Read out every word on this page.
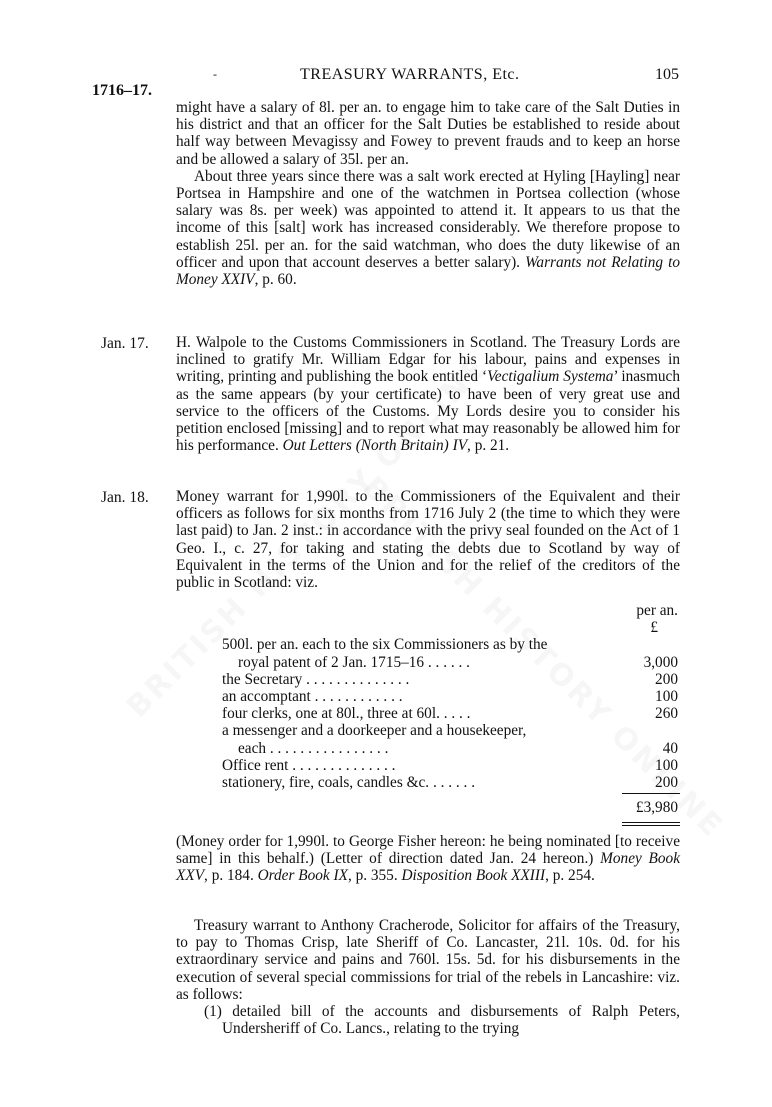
1716–17.
‑	TREASURY WARRANTS, Etc.	105

might have a salary of 8l. per an. to engage him to take care of the Salt Duties in his district and that an officer for the Salt Duties be established to reside about half way between Mevagissy and Fowey to prevent frauds and to keep an horse and be allowed a salary of 35l. per an.

About three years since there was a salt work erected at Hyling [Hayling] near Portsea in Hampshire and one of the watchmen in Portsea collection (whose salary was 8s. per week) was appointed to attend it. It appears to us that the income of this [salt] work has increased considerably. We therefore propose to establish 25l. per an. for the said watchman, who does the duty likewise of an officer and upon that account deserves a better salary). Warrants not Relating to Money XXIV, p. 60.

Jan. 17. H. Walpole to the Customs Commissioners in Scotland. The Treasury Lords are inclined to gratify Mr. William Edgar for his labour, pains and expenses in writing, printing and publishing the book entitled ‘Vectigalium Systema’ inasmuch as the same appears (by your certificate) to have been of very great use and service to the officers of the Customs. My Lords desire you to consider his petition enclosed [missing] and to report what may reasonably be allowed him for his performance. Out Letters (North Britain) IV, p. 21.

Jan. 18. Money warrant for 1,990l. to the Commissioners of the Equivalent and their officers as follows for six months from 1716 July 2 (the time to which they were last paid) to Jan. 2 inst.: in accordance with the privy seal founded on the Act of 1 Geo. I., c. 27, for taking and stating the debts due to Scotland by way of Equivalent in the terms of the Union and for the relief of the creditors of the public in Scotland: viz.

per an.
£
500l. per an. each to the six Commissioners as by the
royal patent of 2 Jan. 1715–16 . . . . . .	3,000
the Secretary . . . . . . . . . . . . . .	200
an accomptant . . . . . . . . . . . .	100
four clerks, one at 80l., three at 60l. . . . .	260
a messenger and a doorkeeper and a housekeeper,
each . . . . . . . . . . . . . . . .	40
Office rent . . . . . . . . . . . . . .	100
stationery, fire, coals, candles &c. . . . . . .	200
£3,980

(Money order for 1,990l. to George Fisher hereon: he being nominated [to receive same] in this behalf.) (Letter of direction dated Jan. 24 hereon.) Money Book XXV, p. 184. Order Book IX, p. 355. Disposition Book XXIII, p. 254.

Treasury warrant to Anthony Cracherode, Solicitor for affairs of the Treasury, to pay to Thomas Crisp, late Sheriff of Co. Lancaster, 21l. 10s. 0d. for his extraordinary service and pains and 760l. 15s. 5d. for his disbursements in the execution of several special commissions for trial of the rebels in Lancashire: viz. as follows:

(1) detailed bill of the accounts and disbursements of Ralph Peters, Undersheriff of Co. Lancs., relating to the trying
